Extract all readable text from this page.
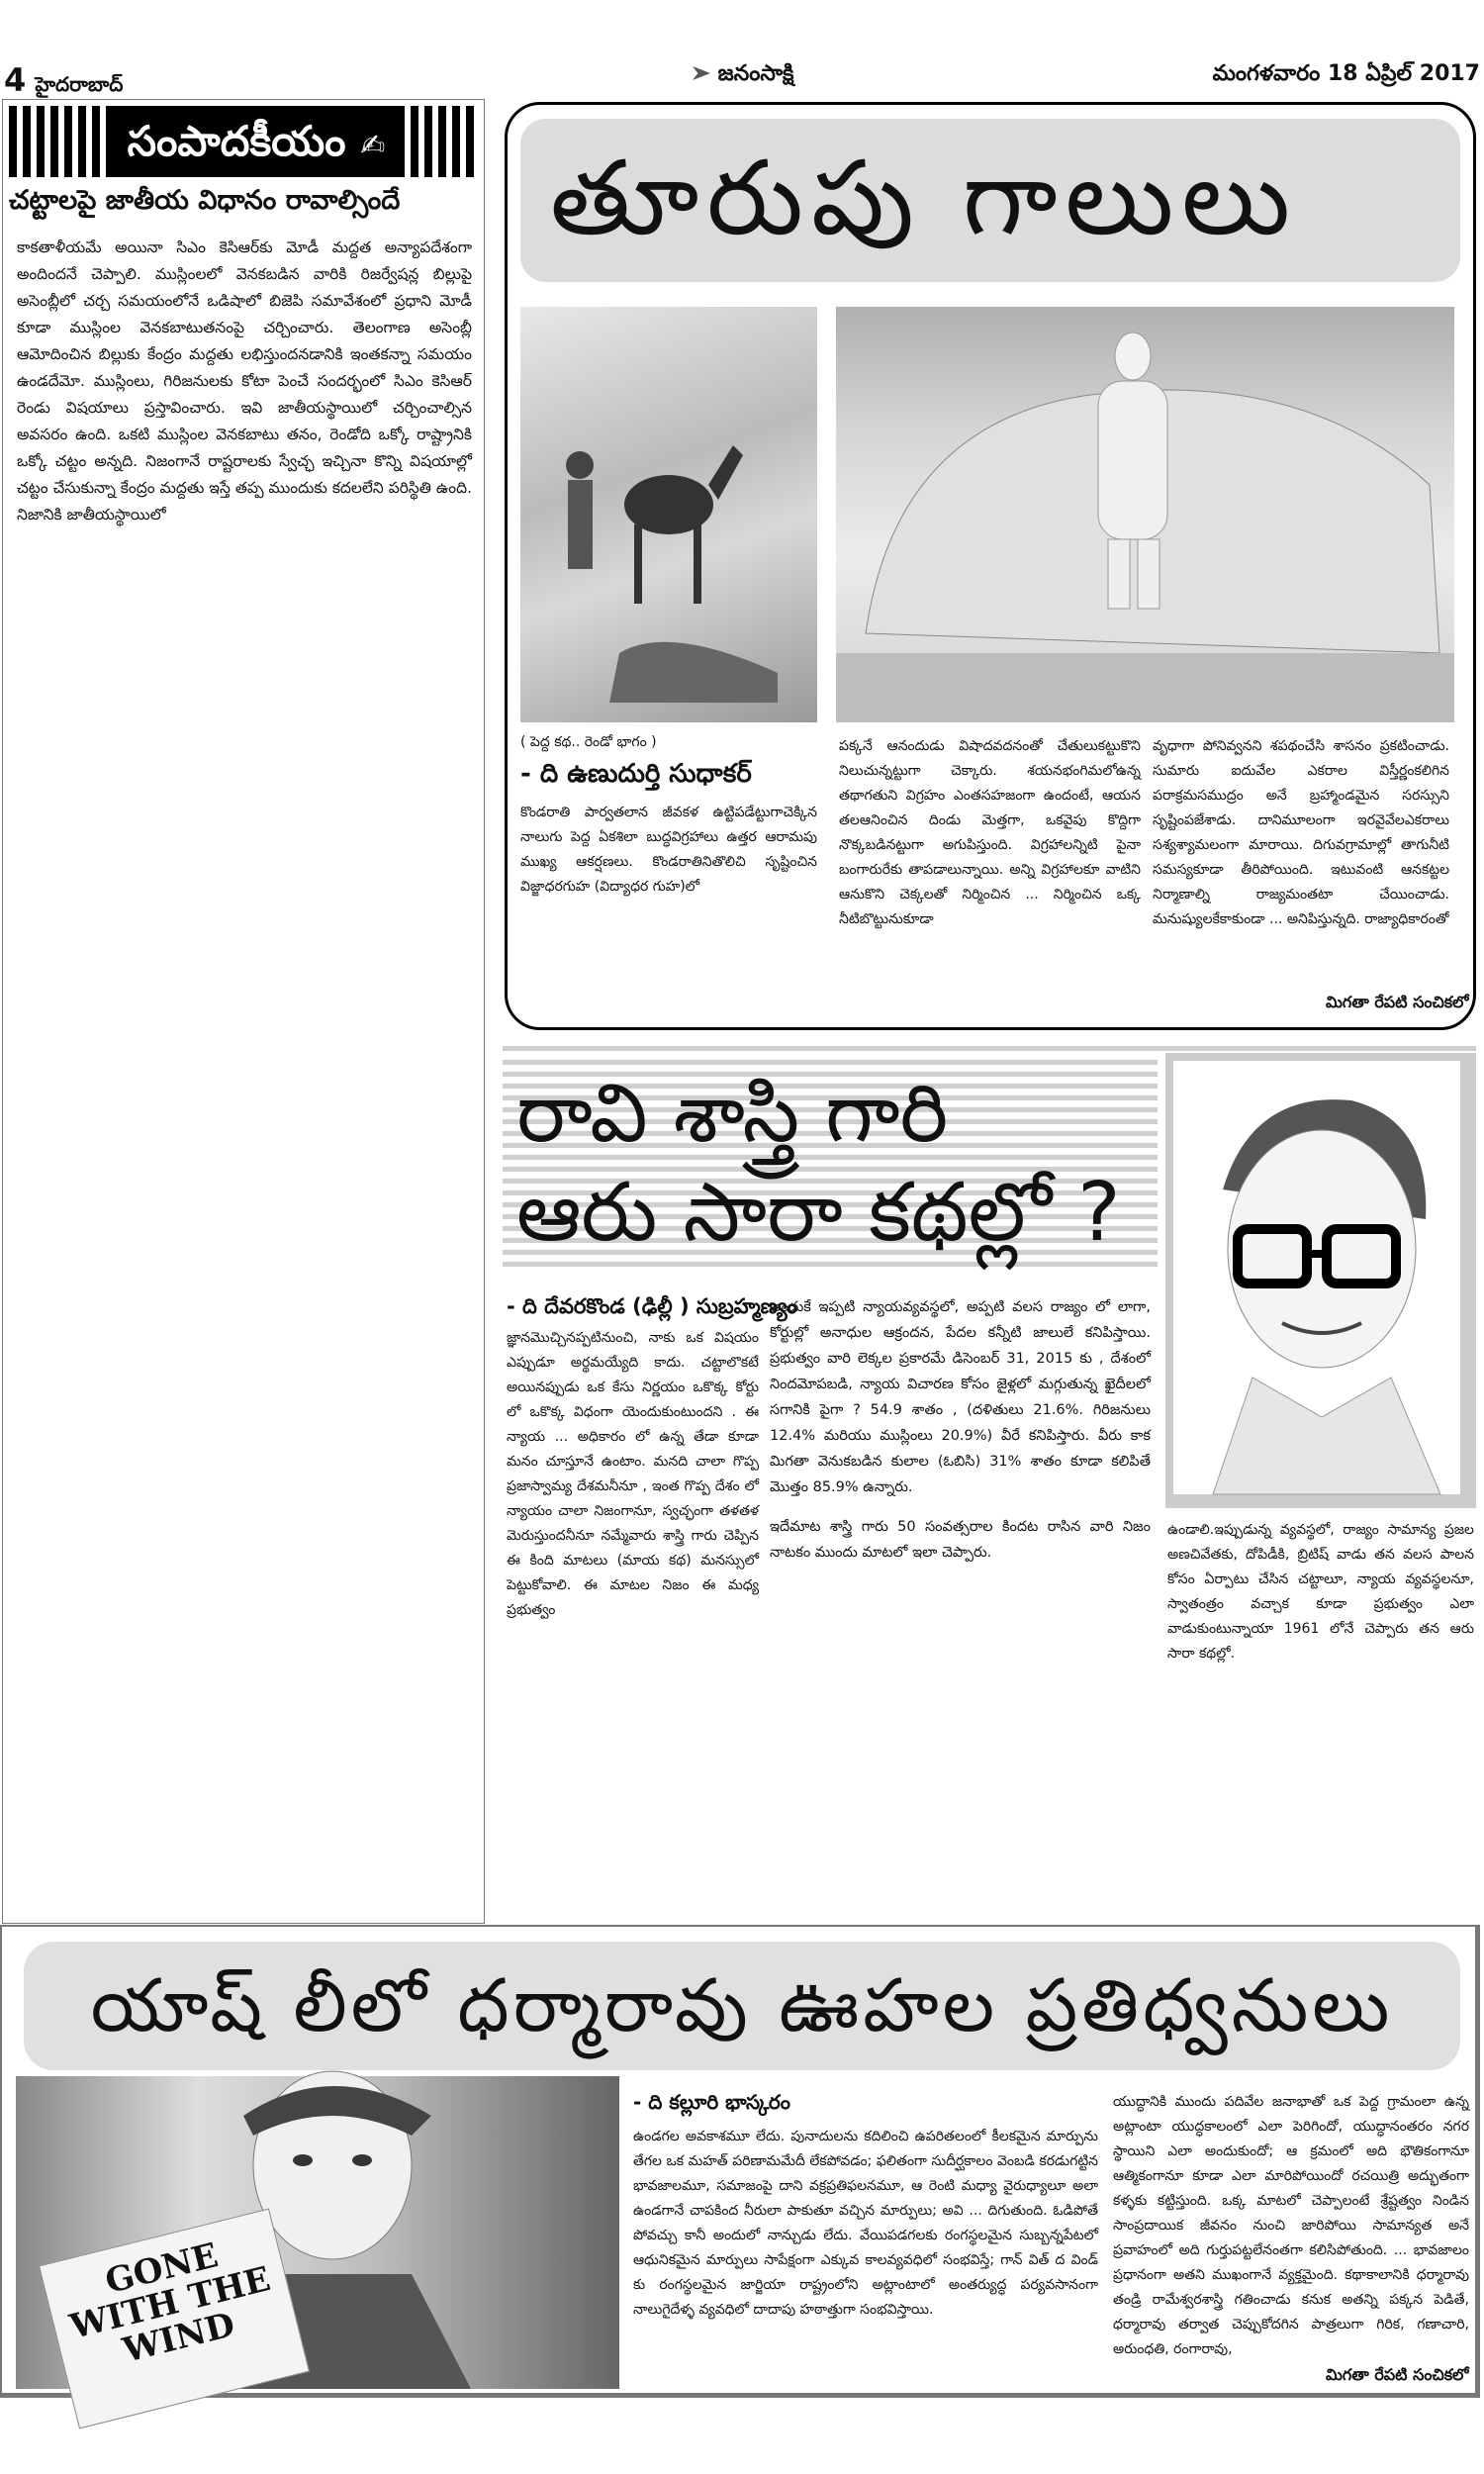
4 హైదరాబాద్	జనంసాక్షి	మంగళవారం 18 ఏప్రిల్ 2017
సంపాదకీయం ✍
చట్టాలపై జాతీయ విధానం రావాల్సిందే

కాకతాళీయమే అయినా సిఎం కెసిఆర్‌కు మోడీ మద్దత అన్యాపదేశంగా అందిందనే చెప్పాలి. ముస్లింలలో వెనకబడిన వారికి రిజర్వేషన్ల బిల్లుపై అసెంబ్లీలో చర్చ సమయంలోనే ఒడిషాలో బిజెపి సమావేశంలో ప్రధాని మోడీ కూడా ముస్లింల వెనకబాటుతనంపై చర్చించారు. తెలంగాణ అసెంబ్లీ ఆమోదించిన బిల్లుకు కేంద్రం మద్దతు లభిస్తుందనడానికి ఇంతకన్నా సమయం ఉండదేమో. ముస్లింలు, గిరిజనులకు కోటా పెంచే సందర్భంలో సిఎం కెసిఆర్ రెండు విషయాలు ప్రస్తావించారు. ఇవి జాతీయస్థాయిలో చర్చించాల్సిన అవసరం ఉంది. ఒకటి ముస్లింల వెనకబాటు తనం, రెండోది ఒక్కో రాష్ట్రానికి ఒక్కో చట్టం అన్నది. నిజంగానే రాష్టరాలకు స్వేచ్ఛ ఇచ్చినా కొన్ని విషయాల్లో చట్టం చేసుకున్నా కేంద్రం మద్దతు ఇస్తే తప్ప ముందుకు కదలలేని పరిస్థితి ఉంది. నిజానికి జాతీయస్థాయిలో

తూరుపు గాలులు
( పెద్ద కథ.. రెండో భాగం )
- ది ఉణుదుర్తి సుధాకర్
కొండరాతి పార్వతలాన జీవకళ ఉట్టిపడేట్టుగాచెక్కిన నాలుగు పెద్ద ఏకశిలా బుద్ధవిగ్రహాలు ఉత్తర ఆరామపు ముఖ్య ఆకర్షణలు. కొండరాతినితొలిచి సృష్టించిన విజ్జాధరగుహ (విద్యాధర గుహ)లో
పక్కనే ఆనందుడు విషాదవదనంతో చేతులుకట్టుకొని నిలుచున్నట్టుగా చెక్కారు. శయనభంగిమలోఉన్న తథాగతుని విగ్రహం ఎంతసహజంగా ఉందంటే, ఆయన తలఆనించిన దిండు మెత్తగా, ఒకవైపు కొద్దిగా నొక్కబడినట్టుగా అగుపిస్తుంది. విగ్రహాలన్నిటి పైనా బంగారురేకు తాపడాలున్నాయి. అన్ని విగ్రహాలకూ వాటిని ఆనుకొని చెక్కలతో నిర్మించిన ... నిర్మించిన ఒక్క నీటిబొట్టునుకూడా
వృధాగా పోనివ్వనని శపథంచేసి శాసనం ప్రకటించాడు. సుమారు ఐదువేల ఎకరాల విస్తీర్ణంకలిగిన పరాక్రమసముద్రం అనే బ్రహ్మాండమైన సరస్సుని సృష్టింపజేశాడు. దానిమూలంగా ఇరవైవేలఎకరాలు సశ్యశ్యామలంగా మారాయి. దిగువగ్రామాల్లో తాగునీటి సమస్యకూడా తీరిపోయింది. ఇటువంటి ఆనకట్టల నిర్మాణాల్ని రాజ్యమంతటా చేయించాడు. మనుష్యులకేకాకుండా ... అనిపిస్తున్నది. రాజ్యాధికారంతో
మిగతా రేపటి సంచికలో
రావి శాస్త్రి గారి
ఆరు సారా కథల్లో ?
- ది దేవరకొండ (ఢిల్లీ ) సుబ్రహ్మణ్యం
జ్ఞానమొచ్చినప్పటినుంచి, నాకు ఒక విషయం ఎప్పుడూ అర్థమయ్యేది కాదు. చట్టాలొకటే అయినప్పుడు ఒక కేసు నిర్ణయం ఒకొక్క కోర్టు లో ఒకొక్క విధంగా యెందుకుంటుందని . ఈ న్యాయ ... అధికారం లో ఉన్న తేడా కూడా మనం చూస్తూనే ఉంటాం. మనది చాలా గొప్ప ప్రజాస్వామ్య దేశమనీనూ , ఇంత గొప్ప దేశం లో న్యాయం చాలా నిజంగానూ, స్వచ్ఛంగా తళతళ మెరుస్తుందనీనూ నమ్మేవారు శాస్త్రి గారు చెప్పిన ఈ కింది మాటలు (మాయ కథ) మనస్సులో పెట్టుకోవాలి. ఈ మాటల నిజం ఈ మధ్య ప్రభుత్వం

అందుకే ఇప్పటి న్యాయవ్యవస్థలో, అప్పటి వలస రాజ్యం లో లాగా, కోర్టుల్లో అనాధుల ఆక్రందన, పేదల కన్నీటి జాలులే కనిపిస్తాయి. ప్రభుత్వం వారి లెక్కల ప్రకారమే డిసెంబర్ 31, 2015 కు , దేశంలో నిందమోపబడి, న్యాయ విచారణ కోసం జైళ్లలో మగ్గుతున్న ఖైదీలలో సగానికి పైగా ? 54.9 శాతం , (దళితులు 21.6%. గిరిజనులు 12.4% మరియు ముస్లింలు 20.9%) వీరే కనిపిస్తారు. వీరు కాక మిగతా వెనుకబడిన కులాల (ఓబిసి) 31% శాతం కూడా కలిపితే మొత్తం 85.9% ఉన్నారు.

ఇదేమాట శాస్త్రి గారు 50 సంవత్సరాల కిందట రాసిన వారి నిజం నాటకం ముందు మాటలో ఇలా చెప్పారు.

ఉండాలి.ఇప్పుడున్న వ్యవస్థలో, రాజ్యం సామాన్య ప్రజల అణచివేతకు, దోపిడీకి, బ్రిటిష్ వాడు తన వలస పాలన కోసం ఏర్పాటు చేసిన చట్టాలూ, న్యాయ వ్యవస్థలనూ, స్వాతంత్రం వచ్చాక కూడా ప్రభుత్వం ఎలా వాడుకుంటున్నాయా 1961 లోనే చెప్పారు తన ఆరు సారా కథల్లో.
యాష్ లీలో ధర్మారావు ఊహల ప్రతిధ్వనులు
GONE WITH THE WIND
- ది కల్లూరి భాస్కరం
ఉండగల అవకాశమూ లేదు. పునాదులను కదిలించి ఉపరితలంలో కీలకమైన మార్పును తేగల ఒక మహత్ పరిణామమేదీ లేకపోవడం; ఫలితంగా సుదీర్ఘకాలం వెంబడి కరడుగట్టిన భావజాలమూ, సమాజంపై దాని వక్రప్రతిఫలనమూ, ఆ రెంటి మధ్యా వైరుధ్యాలూ అలా ఉండగానే చాపకింద నీరులా పాకుతూ వచ్చిన మార్పులు; అవి ... దిగుతుంది. ఓడిపోతే పోవచ్చు కానీ అందులో నాన్చుడు లేదు. వేయిపడగలకు రంగస్థలమైన సుబ్బన్నపేటలో ఆధునికమైన మార్పులు సాపేక్షంగా ఎక్కువ కాలవ్యవధిలో సంభవిస్తే; గాన్ విత్ ద విండ్ కు రంగస్థలమైన జార్జియా రాష్ట్రంలోని అట్లాంటాలో అంతర్యుద్ధ పర్యవసానంగా నాలుగైదేళ్ళ వ్యవధిలో దాదాపు హఠాత్తుగా సంభవిస్తాయి.
యుద్ధానికి ముందు పదివేల జనాభాతో ఒక పెద్ద గ్రామంలా ఉన్న అట్లాంటా యుద్ధకాలంలో ఎలా పెరిగిందో, యుద్ధానంతరం నగర స్థాయిని ఎలా అందుకుందో; ఆ క్రమంలో అది భౌతికంగానూ ఆత్మికంగానూ కూడా ఎలా మారిపోయిందో రచయిత్రి అద్భుతంగా కళ్ళకు కట్టిస్తుంది. ఒక్క మాటలో చెప్పాలంటే శ్రేష్టత్వం నిండిన సాంప్రదాయిక జీవనం నుంచి జారిపోయి సామాన్యత అనే ప్రవాహంలో అది గుర్తుపట్టలేనంతగా కలిసిపోతుంది. ... భావజాలం ప్రధానంగా అతని ముఖంగానే వ్యక్తమైంది. కథాకాలానికి ధర్మారావు తండ్రి రామేశ్వరశాస్త్రి గతించాడు కనుక అతన్ని పక్కన పెడితే, ధర్మారావు తర్వాత చెప్పుకోదగిన పాత్రలుగా గిరిక, గణాచారి, అరుంధతి, రంగారావు,
మిగతా రేపటి సంచికలో
